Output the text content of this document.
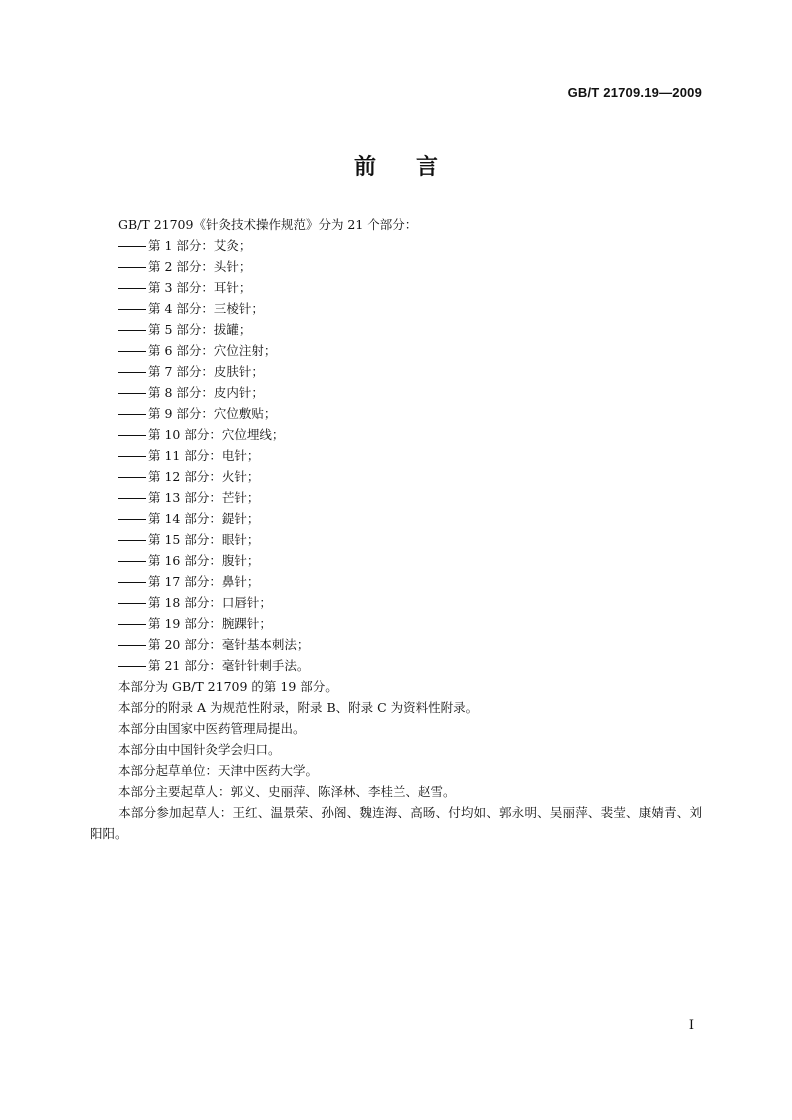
GB/T 21709.19—2009
前 言
GB/T 21709《针灸技术操作规范》分为 21 个部分：
第 1 部分：艾灸；
第 2 部分：头针；
第 3 部分：耳针；
第 4 部分：三棱针；
第 5 部分：拔罐；
第 6 部分：穴位注射；
第 7 部分：皮肤针；
第 8 部分：皮内针；
第 9 部分：穴位敷贴；
第 10 部分：穴位埋线；
第 11 部分：电针；
第 12 部分：火针；
第 13 部分：芒针；
第 14 部分：鍉针；
第 15 部分：眼针；
第 16 部分：腹针；
第 17 部分：鼻针；
第 18 部分：口唇针；
第 19 部分：腕踝针；
第 20 部分：毫针基本刺法；
第 21 部分：毫针针刺手法。
本部分为 GB/T 21709 的第 19 部分。
本部分的附录 A 为规范性附录，附录 B、附录 C 为资料性附录。
本部分由国家中医药管理局提出。
本部分由中国针灸学会归口。
本部分起草单位：天津中医药大学。
本部分主要起草人：郭义、史丽萍、陈泽林、李桂兰、赵雪。
本部分参加起草人：王红、温景荣、孙阁、魏连海、高旸、付均如、郭永明、吴丽萍、裴莹、康婧青、刘阳阳。
I
